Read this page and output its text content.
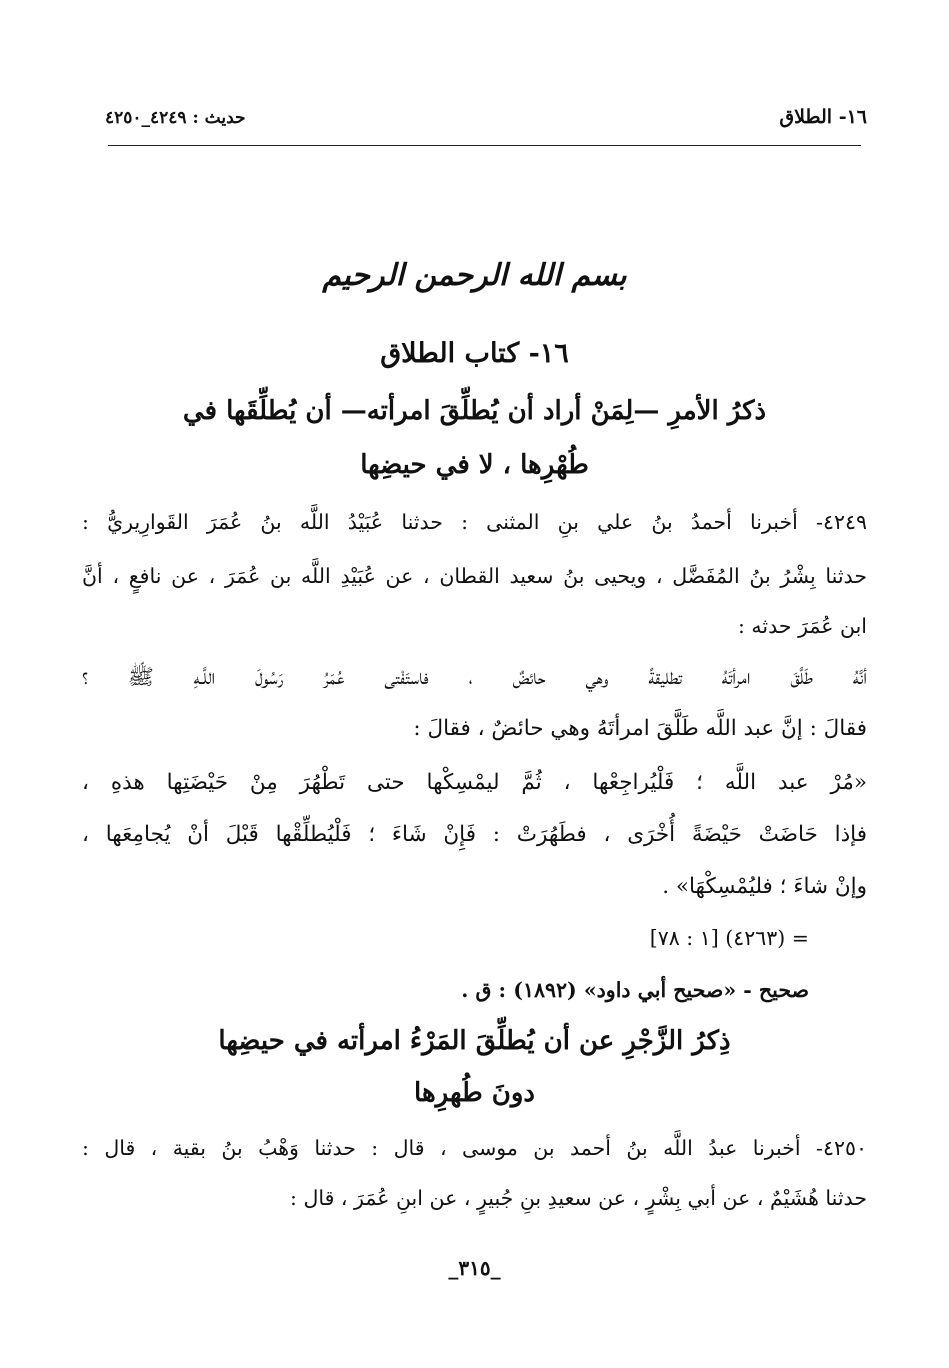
١٦- الطلاق
حديث : ٤٢٤٩_٤٢٥٠
بسم الله الرحمن الرحيم
١٦- كتاب الطلاق
ذكرُ الأمرِ —لِمَنْ أراد أن يُطلِّقَ امرأته— أن يُطلِّقَها في
طُهْرِها ، لا في حيضِها
٤٢٤٩- أخبرنا أحمدُ بنُ علي بنِ المثنى : حدثنا عُبَيْدُ اللَّه بنُ عُمَرَ القَوارِيريُّ :
حدثنا بِشْرُ بنُ المُفَضَّل ، ويحيى بنُ سعيد القطان ، عن عُبَيْدِ اللَّه بن عُمَرَ ، عن نافعٍ ، أنَّ
ابن عُمَرَ حدثه :
أنَّهُ طَلَّقَ امرأتَهُ تطليقةً وهي حائضٌ ، فاستَفْتى عُمَرُ رَسُولَ اللَّـهِ ﷺ ؟
فقالَ : إنَّ عبد اللَّه طَلَّقَ امرأتَهُ وهي حائضٌ ، فقالَ :
«مُرْ عبد اللَّه ؛ فَلْيُراجِعْها ، ثُمَّ ليمْسِكْها حتى تَطْهُرَ مِنْ حَيْضَتِها هذهِ ،
فإذا حَاضَتْ حَيْضَةً أُخْرَى ، فطَهُرَتْ : فَإِنْ شَاءَ ؛ فَلْيُطلِّقْها قَبْلَ أنْ يُجامِعَها ،
وإنْ شاءَ ؛ فليُمْسِكْهَا» .
= (٤٢٦٣) [١ : ٧٨]
صحيح - «صحيح أبي داود» (١٨٩٢) : ق .
ذِكرُ الزَّجْرِ عن أن يُطلِّقَ المَرْءُ امرأته في حيضِها
دونَ طُهرِها
٤٢٥٠- أخبرنا عبدُ اللَّه بنُ أحمد بن موسى ، قال : حدثنا وَهْبُ بنُ بقية ، قال :
حدثنا هُشَيْمٌ ، عن أبي بِشْرٍ ، عن سعيدِ بنِ جُبيرٍ ، عن ابنِ عُمَرَ ، قال :
_٣١٥_
